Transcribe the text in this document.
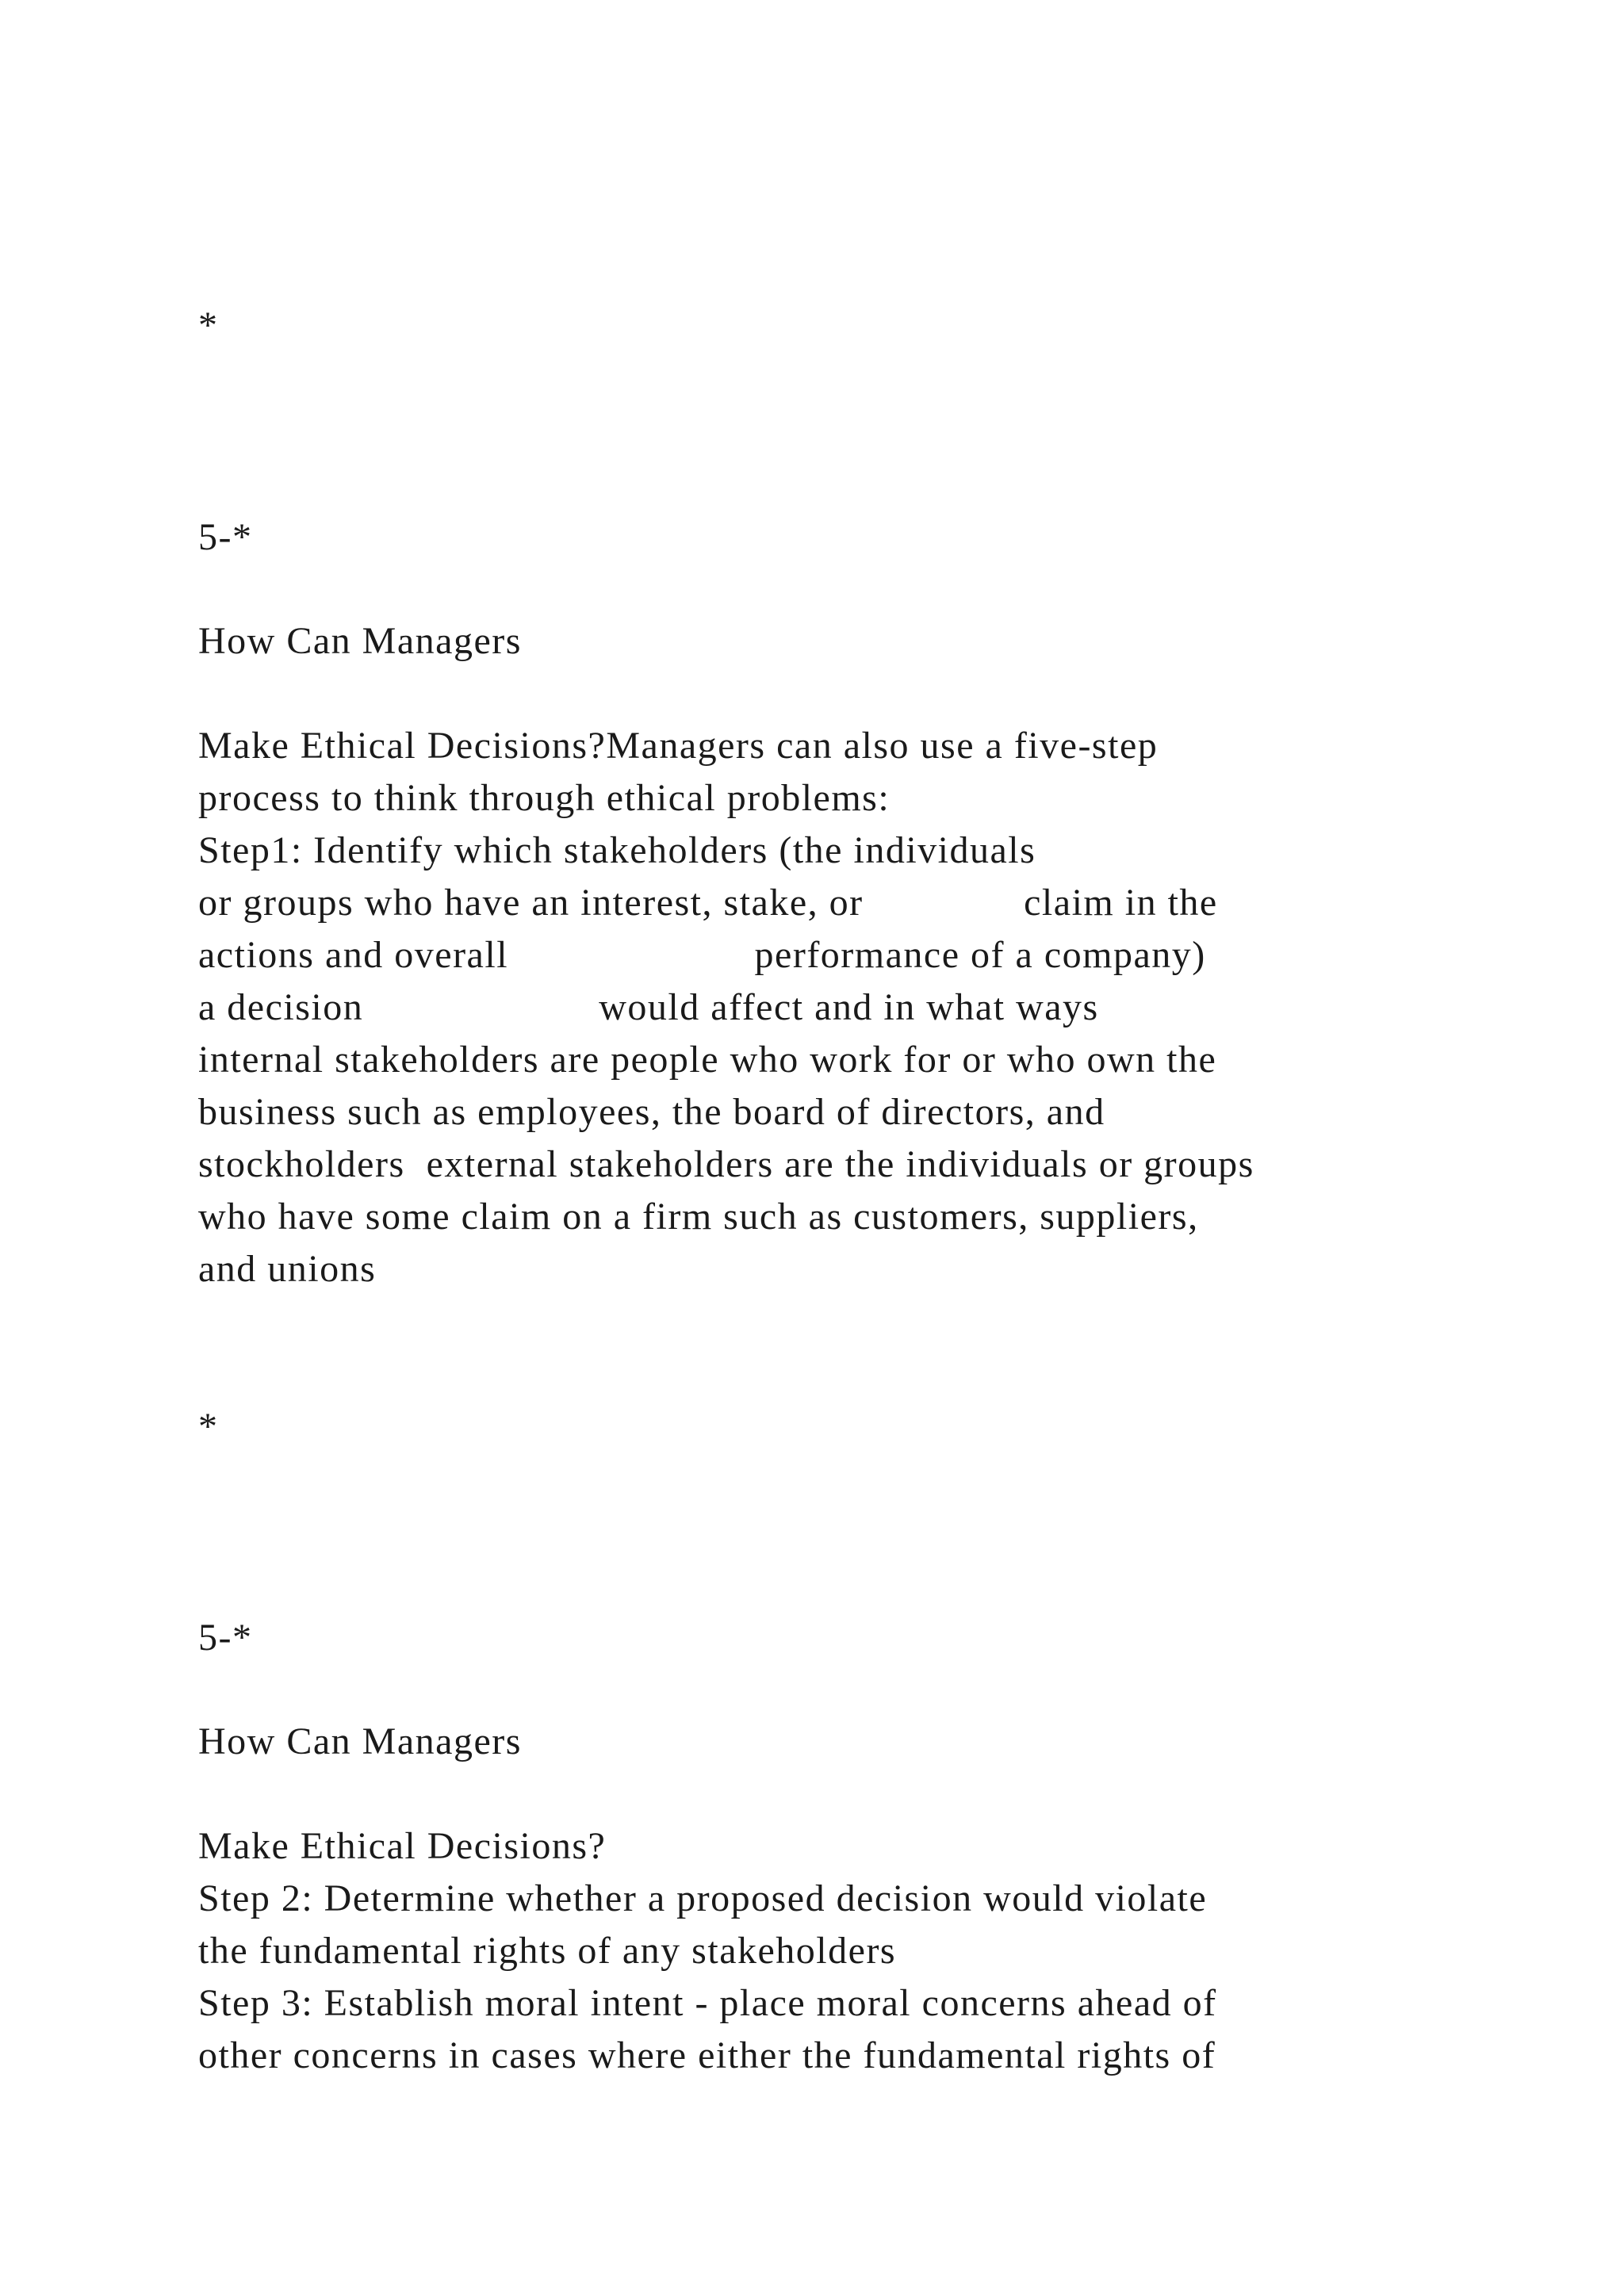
*
5-*
How Can Managers
Make Ethical Decisions?Managers can also use a five-step
process to think through ethical problems:
Step1: Identify which stakeholders (the individuals
or groups who have an interest, stake, or               claim in the
actions and overall                       performance of a company)
a decision                      would affect and in what ways
internal stakeholders are people who work for or who own the
business such as employees, the board of directors, and
stockholders  external stakeholders are the individuals or groups
who have some claim on a firm such as customers, suppliers,
and unions
*
5-*
How Can Managers
Make Ethical Decisions?
Step 2: Determine whether a proposed decision would violate
the fundamental rights of any stakeholders
Step 3: Establish moral intent - place moral concerns ahead of
other concerns in cases where either the fundamental rights of
